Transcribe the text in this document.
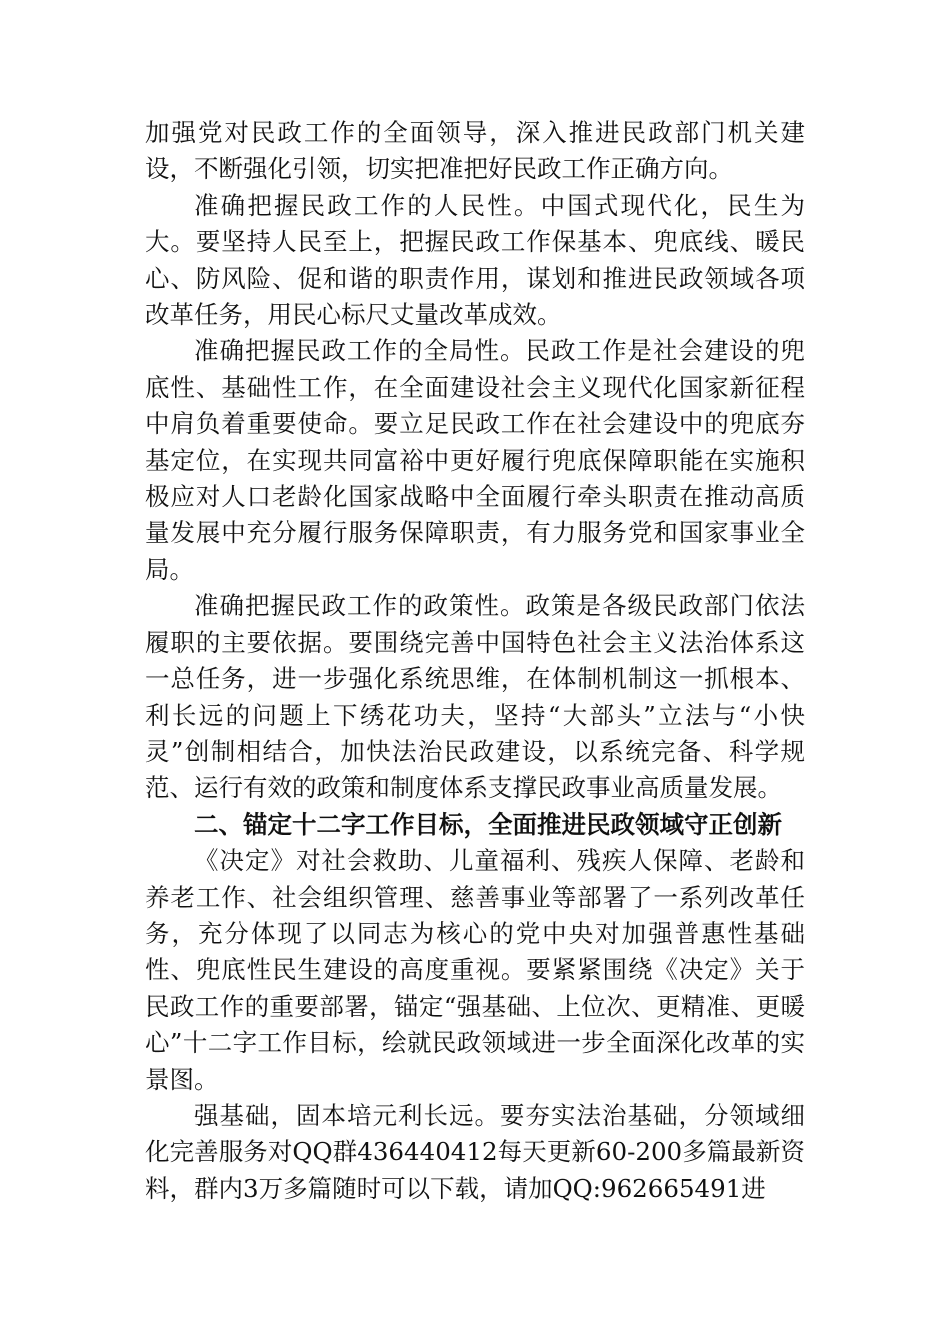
加强党对民政工作的全面领导，深入推进民政部门机关建设，不断强化引领，切实把准把好民政工作正确方向。

准确把握民政工作的人民性。中国式现代化，民生为大。要坚持人民至上，把握民政工作保基本、兜底线、暖民心、防风险、促和谐的职责作用，谋划和推进民政领域各项改革任务，用民心标尺丈量改革成效。

准确把握民政工作的全局性。民政工作是社会建设的兜底性、基础性工作，在全面建设社会主义现代化国家新征程中肩负着重要使命。要立足民政工作在社会建设中的兜底夯基定位，在实现共同富裕中更好履行兜底保障职能在实施积极应对人口老龄化国家战略中全面履行牵头职责在推动高质量发展中充分履行服务保障职责，有力服务党和国家事业全局。

准确把握民政工作的政策性。政策是各级民政部门依法履职的主要依据。要围绕完善中国特色社会主义法治体系这一总任务，进一步强化系统思维，在体制机制这一抓根本、利长远的问题上下绣花功夫，坚持“大部头”立法与“小快灵”创制相结合，加快法治民政建设，以系统完备、科学规范、运行有效的政策和制度体系支撑民政事业高质量发展。

二、锚定十二字工作目标，全面推进民政领域守正创新

《决定》对社会救助、儿童福利、残疾人保障、老龄和养老工作、社会组织管理、慈善事业等部署了一系列改革任务，充分体现了以同志为核心的党中央对加强普惠性基础性、兜底性民生建设的高度重视。要紧紧围绕《决定》关于民政工作的重要部署，锚定“强基础、上位次、更精准、更暖心”十二字工作目标，绘就民政领域进一步全面深化改革的实景图。

强基础，固本培元利长远。要夯实法治基础，分领域细化完善服务对QQ群436440412每天更新60-200多篇最新资料，群内3万多篇随时可以下载，请加QQ:962665491进
